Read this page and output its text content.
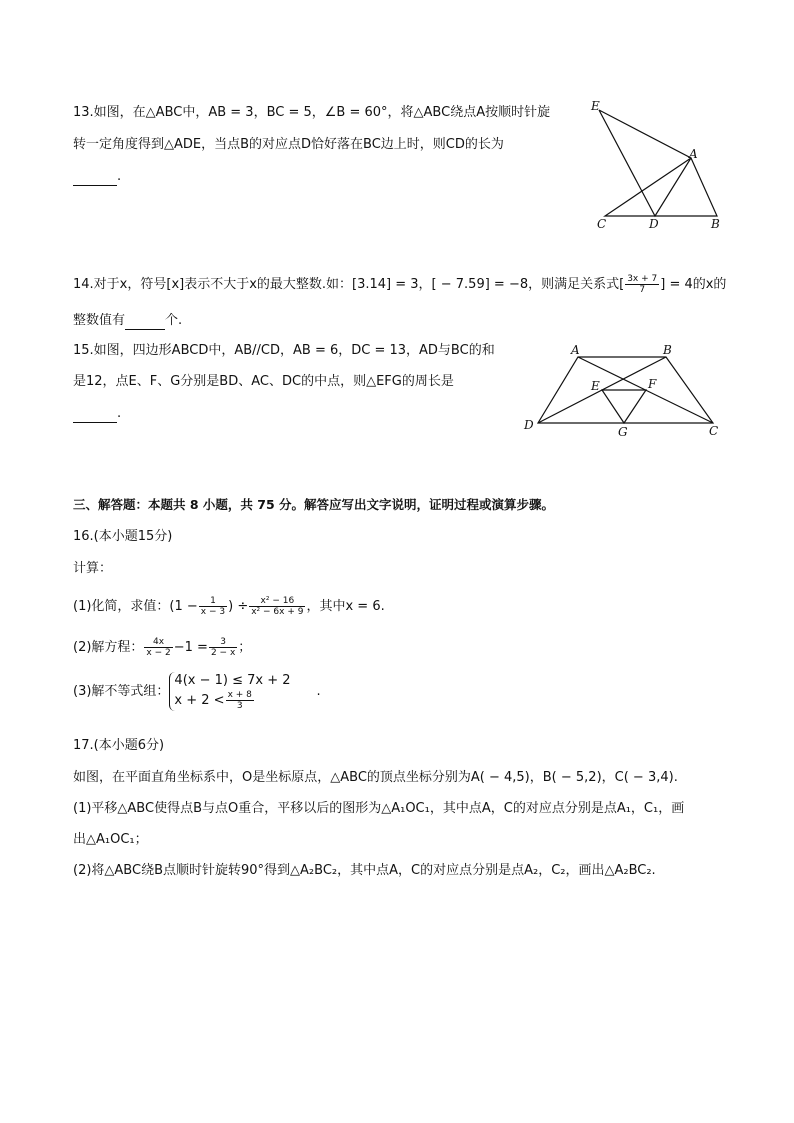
13.如图，在△ABC中，AB = 3，BC = 5，∠B = 60°，将△ABC绕点A按顺时针旋
转一定角度得到△ADE，当点B的对应点D恰好落在BC边上时，则CD的长为
.
E
A
C	D	B
14.对于x，符号[x]表示不大于x的最大整数.如：[3.14] = 3，[ − 7.59] = −8，则满足关系式[ $\frac{3x + 7}{7}$ ] = 4的x的
整数值有	个.
15.如图，四边形ABCD中，AB//CD，AB = 6，DC = 13，AD与BC的和
是12，点E、F、G分别是BD、AC、DC的中点，则△EFG的周长是
.
A	B
E	F
D	G	C
三、解答题：本题共 8 小题，共 75 分。解答应写出文字说明，证明过程或演算步骤。
16.(本小题15分)
计算：
(1)化简，求值：($1 - \frac{1}{x - 3}$ ) ÷ $\frac{\text{x² − 16}}{\text{x² − 6x + 9}}$ ，其中x = 6.
(2)解方程： $\frac{4x}{x - 2} -1 = \frac{3}{2 - x}$ ；
(3)解不等式组：
4(x − 1) ≤ 7x + 2
$x + 2 < \frac{x + 8}{3}$	.
17.(本小题6分)
如图，在平面直角坐标系中，O是坐标原点，△ABC的顶点坐标分别为A( − 4,5)，B( − 5,2)，C( − 3,4).
(1)平移△ABC使得点B与点O重合，平移以后的图形为△A₁OC₁，其中点A，C的对应点分别是点A₁，C₁，画
出△A₁OC₁；
(2)将△ABC绕B点顺时针旋转90°得到△A₂BC₂，其中点A，C的对应点分别是点A₂，C₂，画出△A₂BC₂.
